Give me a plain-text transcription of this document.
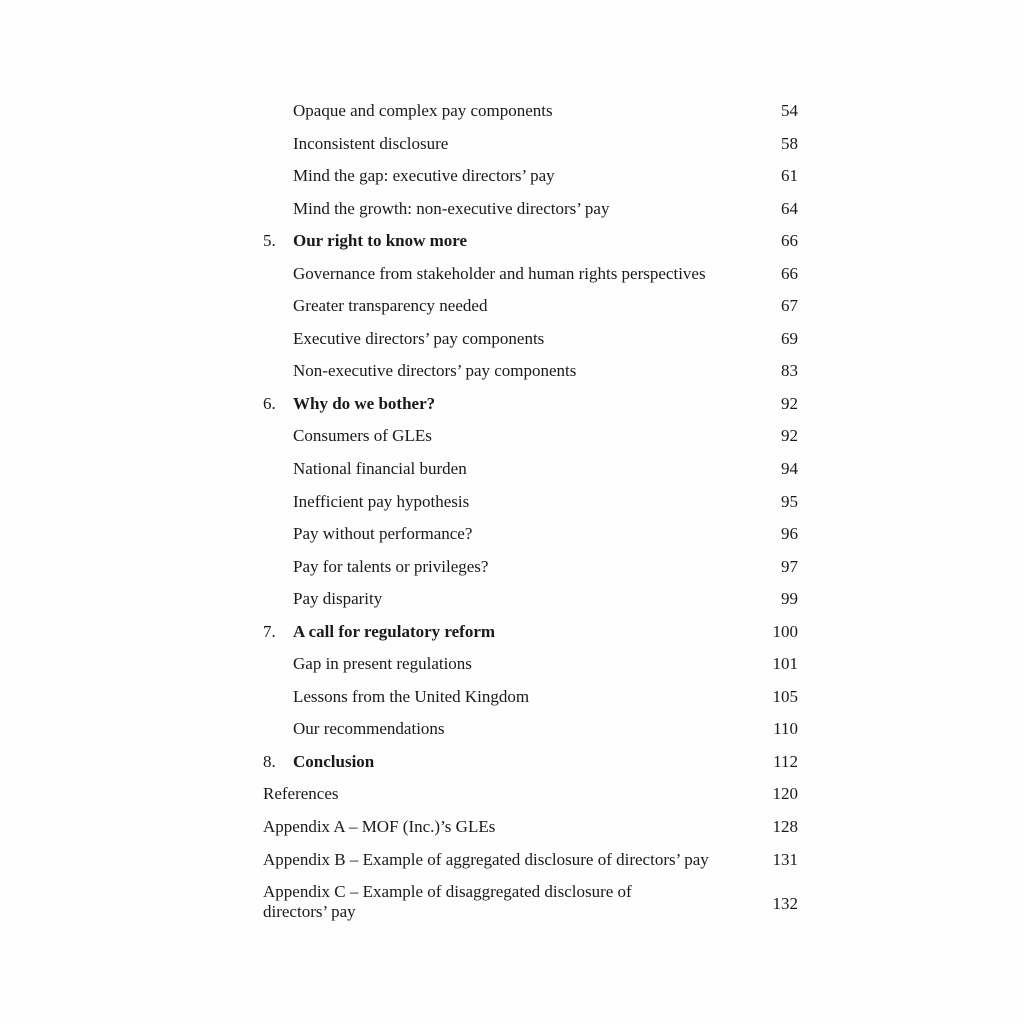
Opaque and complex pay components	54
Inconsistent disclosure	58
Mind the gap: executive directors’ pay	61
Mind the growth: non-executive directors’ pay	64
5. Our right to know more	66
Governance from stakeholder and human rights perspectives	66
Greater transparency needed	67
Executive directors’ pay components	69
Non-executive directors’ pay components	83
6. Why do we bother?	92
Consumers of GLEs	92
National financial burden	94
Inefficient pay hypothesis	95
Pay without performance?	96
Pay for talents or privileges?	97
Pay disparity	99
7. A call for regulatory reform	100
Gap in present regulations	101
Lessons from the United Kingdom	105
Our recommendations	110
8. Conclusion	112
References	120
Appendix A – MOF (Inc.)’s GLEs	128
Appendix B – Example of aggregated disclosure of directors’ pay	131
Appendix C – Example of disaggregated disclosure of directors’ pay	132
